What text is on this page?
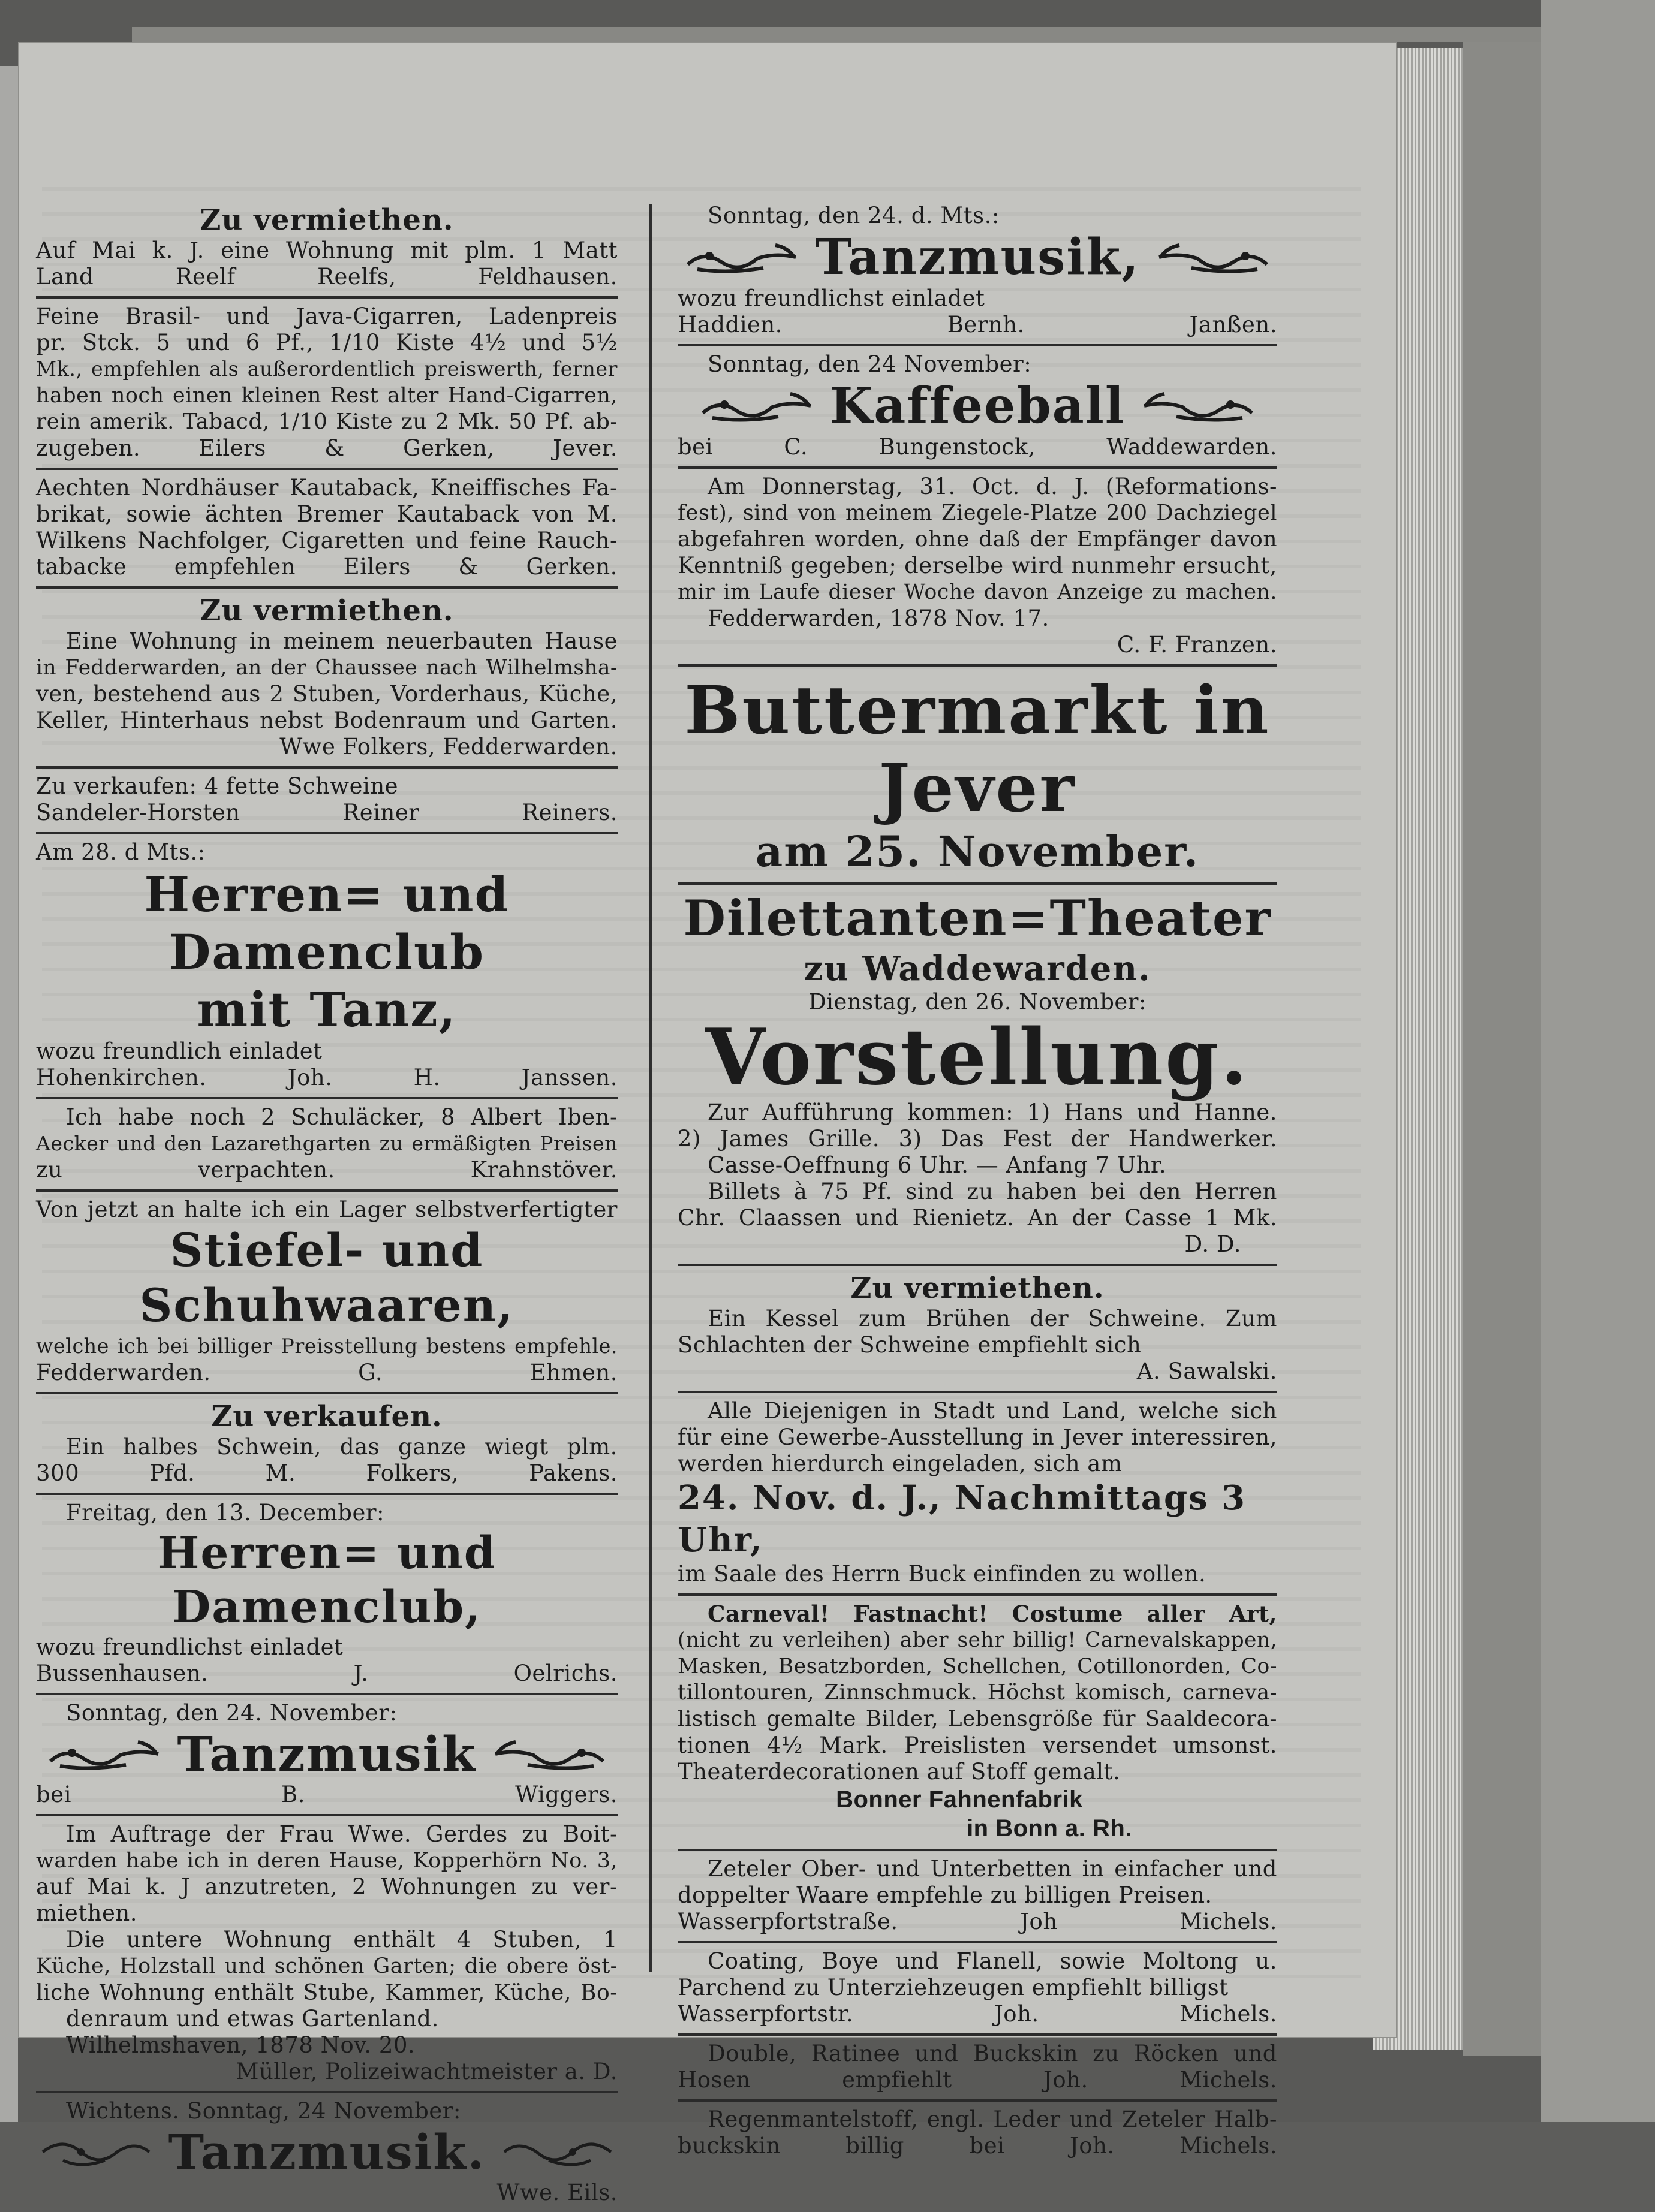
Zu vermiethen.
Auf Mai k. J. eine Wohnung mit plm. 1 Matt
Land	Reelf Reelfs, Feldhausen.
Feine Brasil- und Java-Cigarren, Ladenpreis
pr. Stck. 5 und 6 Pf., 1/10 Kiste 4½ und 5½
Mk., empfehlen als außerordentlich preiswerth, ferner
haben noch einen kleinen Rest alter Hand-Cigarren,
rein amerik. Tabacd, 1/10 Kiste zu 2 Mk. 50 Pf. ab-
zugeben.	Eilers & Gerken, Jever.
Aechten Nordhäuser Kautaback, Kneiffisches Fa-
brikat, sowie ächten Bremer Kautaback von M.
Wilkens Nachfolger, Cigaretten und feine Rauch-
tabacke empfehlen Eilers & Gerken.
Zu vermiethen.
Eine Wohnung in meinem neuerbauten Hause
in Fedderwarden, an der Chaussee nach Wilhelmsha-
ven, bestehend aus 2 Stuben, Vorderhaus, Küche,
Keller, Hinterhaus nebst Bodenraum und Garten.
Wwe Folkers, Fedderwarden.
Zu verkaufen: 4 fette Schweine
Sandeler-Horsten	Reiner Reiners.
Am 28. d Mts.:
Herren= und Damenclub
mit Tanz,
wozu freundlich einladet
Hohenkirchen.	Joh. H. Janssen.
Ich habe noch 2 Schuläcker, 8 Albert Iben-
Aecker und den Lazarethgarten zu ermäßigten Preisen
zu verpachten.	Krahnstöver.
Von jetzt an halte ich ein Lager selbstverfertigter
Stiefel- und Schuhwaaren,
welche ich bei billiger Preisstellung bestens empfehle.
Fedderwarden.	G. Ehmen.
Zu verkaufen.
Ein halbes Schwein, das ganze wiegt plm.
300 Pfd.	M. Folkers, Pakens.
Freitag, den 13. December:
Herren= und Damenclub,
wozu freundlichst einladet
Bussenhausen.	J. Oelrichs.
Sonntag, den 24. November:
Tanzmusik
bei	B. Wiggers.
Im Auftrage der Frau Wwe. Gerdes zu Boit-
warden habe ich in deren Hause, Kopperhörn No. 3,
auf Mai k. J anzutreten, 2 Wohnungen zu ver-
miethen.
Die untere Wohnung enthält 4 Stuben, 1
Küche, Holzstall und schönen Garten; die obere öst-
liche Wohnung enthält Stube, Kammer, Küche, Bo-
denraum und etwas Gartenland.
Wilhelmshaven, 1878 Nov. 20.
Müller, Polizeiwachtmeister a. D.
Wichtens. Sonntag, 24 November:
Tanzmusik.
Wwe. Eils.
Sonntag, den 24. d. Mts.:
Tanzmusik,
wozu freundlichst einladet
Haddien.	Bernh. Janßen.
Sonntag, den 24 November:
Kaffeeball
bei	C. Bungenstock, Waddewarden.
Am Donnerstag, 31. Oct. d. J. (Reformations-
fest), sind von meinem Ziegele-Platze 200 Dachziegel
abgefahren worden, ohne daß der Empfänger davon
Kenntniß gegeben; derselbe wird nunmehr ersucht,
mir im Laufe dieser Woche davon Anzeige zu machen.
Fedderwarden, 1878 Nov. 17.
C. F. Franzen.
Buttermarkt in Jever
am 25. November.
Dilettanten=Theater
zu Waddewarden.
Dienstag, den 26. November:
Vorstellung.
Zur Aufführung kommen: 1) Hans und Hanne.
2) James Grille. 3) Das Fest der Handwerker.
Casse-Oeffnung 6 Uhr. — Anfang 7 Uhr.
Billets à 75 Pf. sind zu haben bei den Herren
Chr. Claassen und Rienietz. An der Casse 1 Mk.
D. D.
Zu vermiethen.
Ein Kessel zum Brühen der Schweine. Zum
Schlachten der Schweine empfiehlt sich
A. Sawalski.
Alle Diejenigen in Stadt und Land, welche sich
für eine Gewerbe-Ausstellung in Jever interessiren,
werden hierdurch eingeladen, sich am
24. Nov. d. J., Nachmittags 3 Uhr,
im Saale des Herrn Buck einfinden zu wollen.
Carneval! Fastnacht! Costume aller Art,
(nicht zu verleihen) aber sehr billig! Carnevalskappen,
Masken, Besatzborden, Schellchen, Cotillonorden, Co-
tillontouren, Zinnschmuck. Höchst komisch, carneva-
listisch gemalte Bilder, Lebensgröße für Saaldecora-
tionen 4½ Mark. Preislisten versendet umsonst.
Theaterdecorationen auf Stoff gemalt.
Bonner Fahnenfabrik
in Bonn a. Rh.
Zeteler Ober- und Unterbetten in einfacher und
doppelter Waare empfehle zu billigen Preisen.
Wasserpfortstraße.	Joh Michels.
Coating, Boye und Flanell, sowie Moltong u.
Parchend zu Unterziehzeugen empfiehlt billigst
Wasserpfortstr.	Joh. Michels.
Double, Ratinee und Buckskin zu Röcken und
Hosen empfiehlt	Joh. Michels.
Regenmantelstoff, engl. Leder und Zeteler Halb-
buckskin billig bei	Joh. Michels.
